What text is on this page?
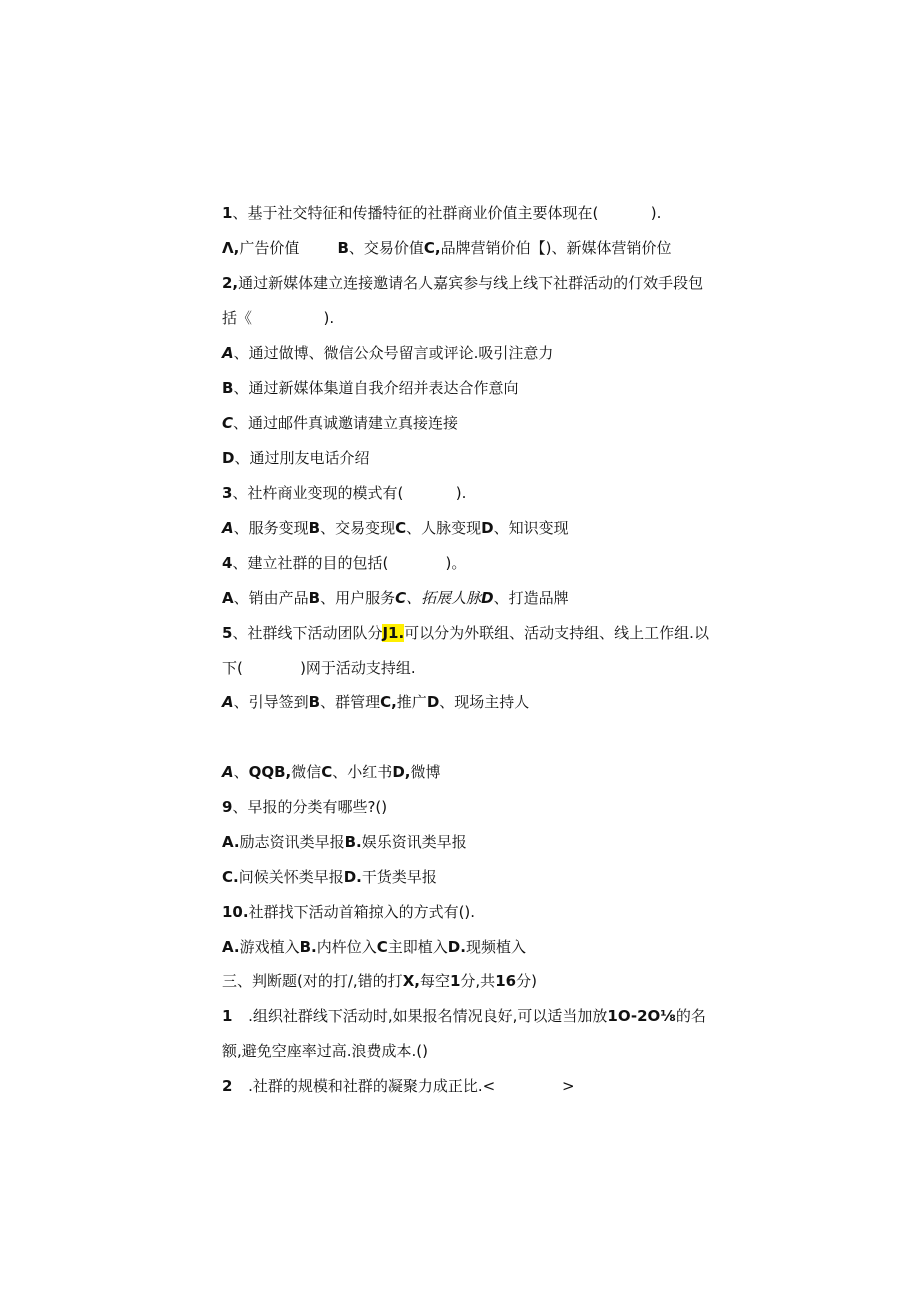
1、基于社交特征和传播特征的社群商业价值主要体现在(           ).
Λ,广告价值        B、交易价值C,品牌营销价伯【)、新媒体营销价位
2,通过新媒体建立连接邀请名人嘉宾参与线上线下社群活动的仃效手段包
括《               ).
A、通过做博、微信公众号留言或评论.吸引注意力
B、通过新媒体集道自我介绍并表达合作意向
C、通过邮件真诚邀请建立真接连接
D、通过刖友电话介绍
3、社杵商业变现的模式有(           ).
A、服务变现B、交易变现C、人脉变现D、知识变现
4、建立社群的目的包括(            )。
A、销由产品B、用户服务C、拓展人脉D、打造品牌
5、社群线下活动团队分J1.可以分为外联组、活动支持组、线上工作组.以
下(            )网于活动支持组.
A、引导签到B、群管理C,推广D、现场主持人
A、QQB,微信C、小红书D,微博
9、早报的分类有哪些?()
A.励志资讯类早报B.娱乐资讯类早报
C.问候关怀类早报D.干货类早报
10.社群找下活动首箱掠入的方式有().
A.游戏植入B.内杵位入C主即植入D.现频植入
三、判断题(对的打/,错的打X,每空1分,共16分)
1   .组织社群线下活动时,如果报名情况良好,可以适当加放1O-2O⅛的名
额,避免空座率过高.浪费成本.()
2   .社群的规模和社群的凝聚力成正比.<              >
